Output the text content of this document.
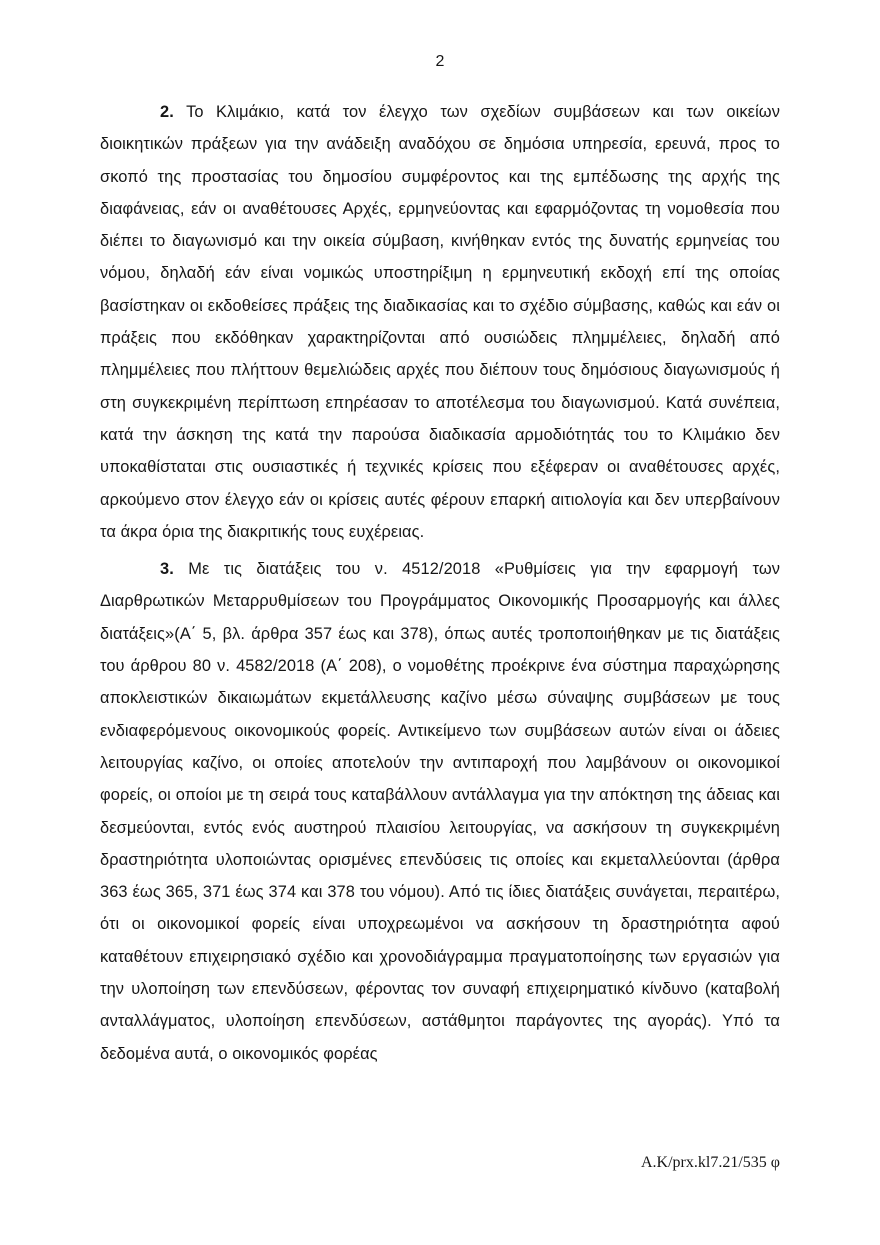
2

2. Το Κλιμάκιο, κατά τον έλεγχο των σχεδίων συμβάσεων και των οικείων διοικητικών πράξεων για την ανάδειξη αναδόχου σε δημόσια υπηρεσία, ερευνά, προς το σκοπό της προστασίας του δημοσίου συμφέροντος και της εμπέδωσης της αρχής της διαφάνειας, εάν οι αναθέτουσες Αρχές, ερμηνεύοντας και εφαρμόζοντας τη νομοθεσία που διέπει το διαγωνισμό και την οικεία σύμβαση, κινήθηκαν εντός της δυνατής ερμηνείας του νόμου, δηλαδή εάν είναι νομικώς υποστηρίξιμη η ερμηνευτική εκδοχή επί της οποίας βασίστηκαν οι εκδοθείσες πράξεις της διαδικασίας και το σχέδιο σύμβασης, καθώς και εάν οι πράξεις που εκδόθηκαν χαρακτηρίζονται από ουσιώδεις πλημμέλειες, δηλαδή από πλημμέλειες που πλήττουν θεμελιώδεις αρχές που διέπουν τους δημόσιους διαγωνισμούς ή στη συγκεκριμένη περίπτωση επηρέασαν το αποτέλεσμα του διαγωνισμού. Κατά συνέπεια, κατά την άσκηση της κατά την παρούσα διαδικασία αρμοδιότητάς του το Κλιμάκιο δεν υποκαθίσταται στις ουσιαστικές ή τεχνικές κρίσεις που εξέφεραν οι αναθέτουσες αρχές, αρκούμενο στον έλεγχο εάν οι κρίσεις αυτές φέρουν επαρκή αιτιολογία και δεν υπερβαίνουν τα άκρα όρια της διακριτικής τους ευχέρειας.

3. Με τις διατάξεις του ν. 4512/2018 «Ρυθμίσεις για την εφαρμογή των Διαρθρωτικών Μεταρρυθμίσεων του Προγράμματος Οικονομικής Προσαρμογής και άλλες διατάξεις»(Α΄ 5, βλ. άρθρα 357 έως και 378), όπως αυτές τροποποιήθηκαν με τις διατάξεις του άρθρου 80 ν. 4582/2018 (Α΄ 208), ο νομοθέτης προέκρινε ένα σύστημα παραχώρησης αποκλειστικών δικαιωμάτων εκμετάλλευσης καζίνο μέσω σύναψης συμβάσεων με τους ενδιαφερόμενους οικονομικούς φορείς. Αντικείμενο των συμβάσεων αυτών είναι οι άδειες λειτουργίας καζίνο, οι οποίες αποτελούν την αντιπαροχή που λαμβάνουν οι οικονομικοί φορείς, οι οποίοι με τη σειρά τους καταβάλλουν αντάλλαγμα για την απόκτηση της άδειας και δεσμεύονται, εντός ενός αυστηρού πλαισίου λειτουργίας, να ασκήσουν τη συγκεκριμένη δραστηριότητα υλοποιώντας ορισμένες επενδύσεις τις οποίες και εκμεταλλεύονται (άρθρα 363 έως 365, 371 έως 374 και 378 του νόμου). Από τις ίδιες διατάξεις συνάγεται, περαιτέρω, ότι οι οικονομικοί φορείς είναι υποχρεωμένοι να ασκήσουν τη δραστηριότητα αφού καταθέτουν επιχειρησιακό σχέδιο και χρονοδιάγραμμα πραγματοποίησης των εργασιών για την υλοποίηση των επενδύσεων, φέροντας τον συναφή επιχειρηματικό κίνδυνο (καταβολή ανταλλάγματος, υλοποίηση επενδύσεων, αστάθμητοι παράγοντες της αγοράς). Υπό τα δεδομένα αυτά, ο οικονομικός φορέας

Α.Κ/prx.kl7.21/535 φ
